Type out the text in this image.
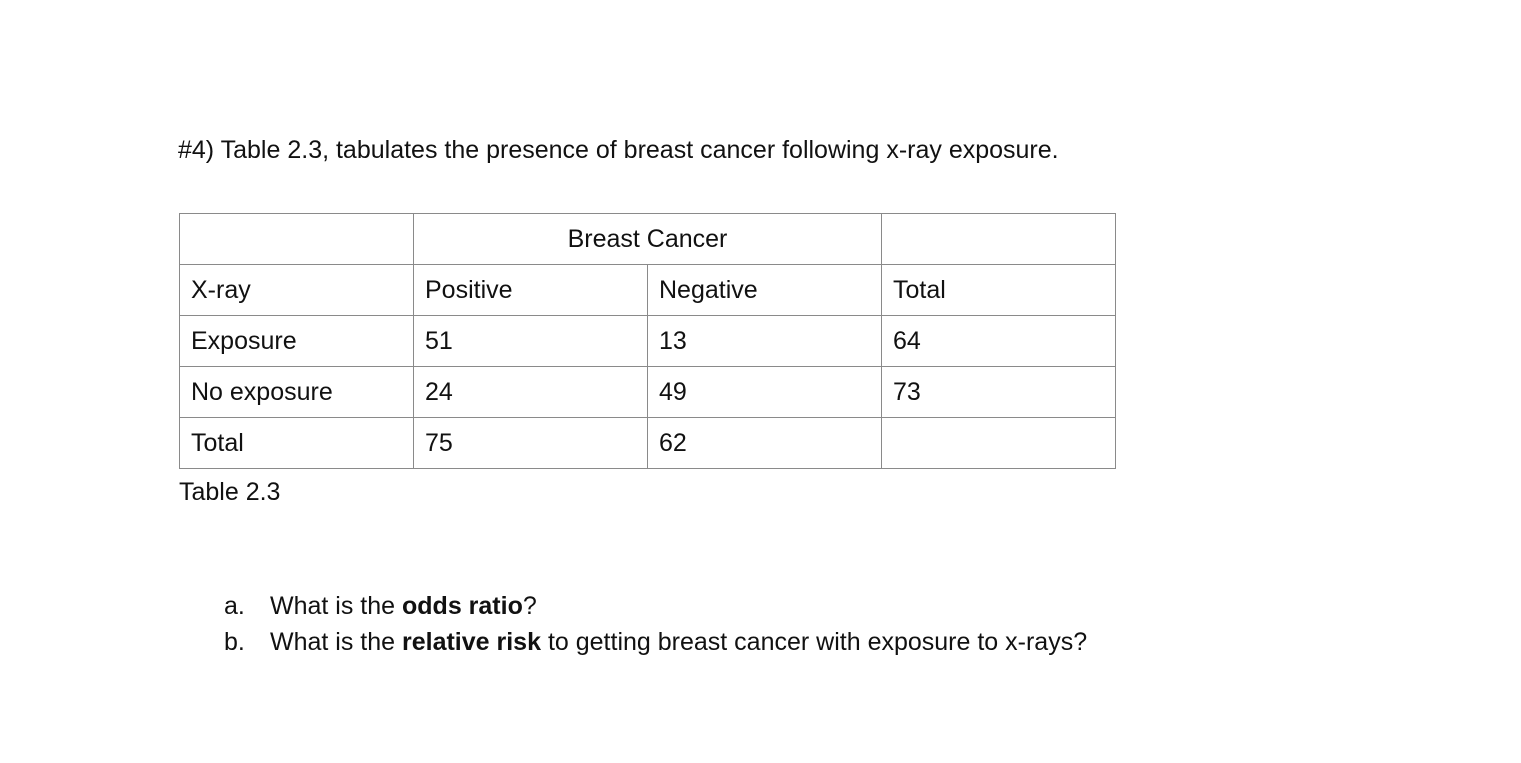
#4) Table 2.3, tabulates the presence of breast cancer following x-ray exposure.
	Breast Cancer		
X-ray	Positive	Negative	Total
Exposure	51	13	64
No exposure	24	49	73
Total	75	62	
Table 2.3
a.	What is the odds ratio?
b.	What is the relative risk to getting breast cancer with exposure to x-rays?
